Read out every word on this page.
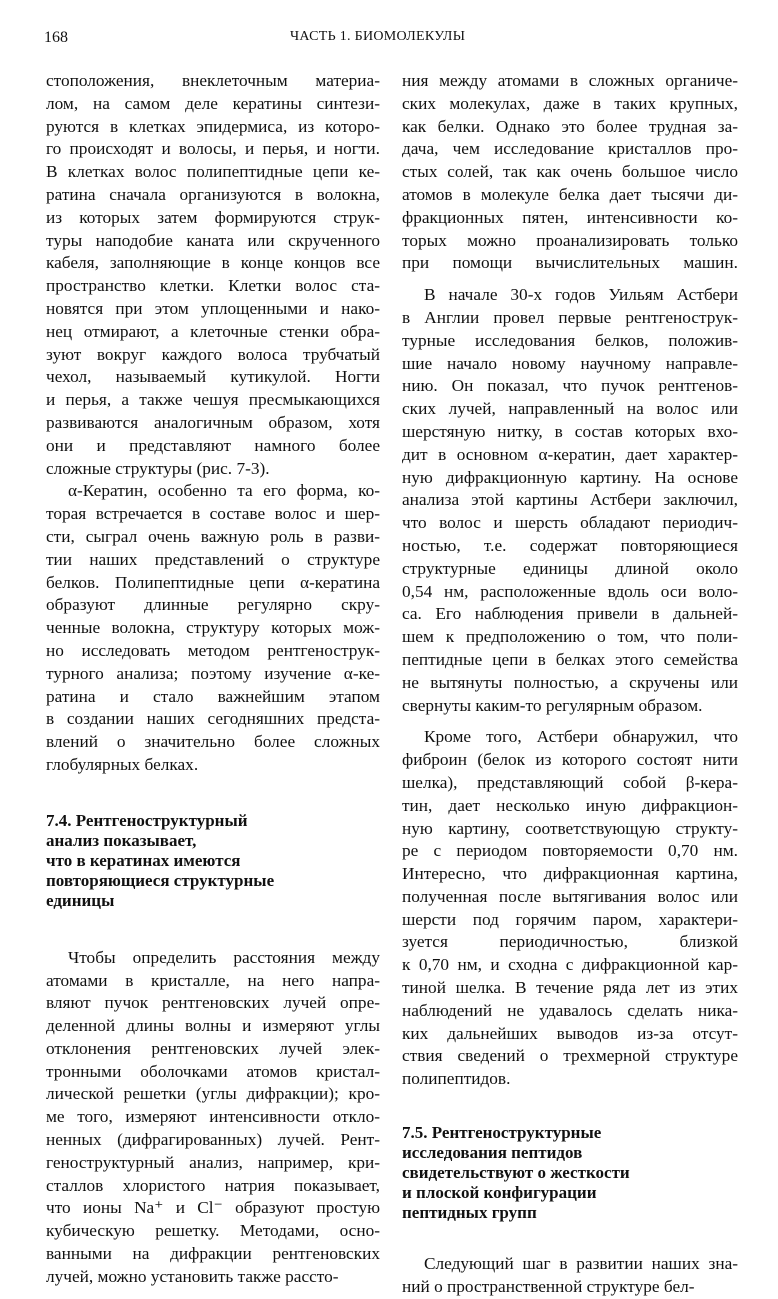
168	ЧАСТЬ 1. БИОМОЛЕКУЛЫ
стоположения, внеклеточным материа-
лом, на самом деле кератины синтези-
руются в клетках эпидермиса, из которо-
го происходят и волосы, и перья, и ногти.
В клетках волос полипептидные цепи ке-
ратина сначала организуются в волокна,
из которых затем формируются струк-
туры наподобие каната или скрученного
кабеля, заполняющие в конце концов все
пространство клетки. Клетки волос ста-
новятся при этом уплощенными и нако-
нец отмирают, а клеточные стенки обра-
зуют вокруг каждого волоса трубчатый
чехол, называемый кутикулой. Ногти
и перья, а также чешуя пресмыкающихся
развиваются аналогичным образом, хотя
они и представляют намного более
сложные структуры (рис. 7-3).
α-Кератин, особенно та его форма, ко-
торая встречается в составе волос и шер-
сти, сыграл очень важную роль в разви-
тии наших представлений о структуре
белков. Полипептидные цепи α-кератина
образуют длинные регулярно скру-
ченные волокна, структуру которых мож-
но исследовать методом рентгенострук-
турного анализа; поэтому изучение α-ке-
ратина и стало важнейшим этапом
в создании наших сегодняшних предста-
влений о значительно более сложных
глобулярных белках.
7.4. Рентгеноструктурный
анализ показывает,
что в кератинах имеются
повторяющиеся структурные
единицы
Чтобы определить расстояния между
атомами в кристалле, на него напра-
вляют пучок рентгеновских лучей опре-
деленной длины волны и измеряют углы
отклонения рентгеновских лучей элек-
тронными оболочками атомов кристал-
лической решетки (углы дифракции); кро-
ме того, измеряют интенсивности откло-
ненных (дифрагированных) лучей. Рент-
геноструктурный анализ, например, кри-
сталлов хлористого натрия показывает,
что ионы Na⁺ и Cl⁻ образуют простую
кубическую решетку. Методами, осно-
ванными на дифракции рентгеновских
лучей, можно установить также рассто-
ния между атомами в сложных органиче-
ских молекулах, даже в таких крупных,
как белки. Однако это более трудная за-
дача, чем исследование кристаллов про-
стых солей, так как очень большое число
атомов в молекуле белка дает тысячи ди-
фракционных пятен, интенсивности ко-
торых можно проанализировать только
при помощи вычислительных машин.
В начале 30-х годов Уильям Астбери
в Англии провел первые рентгенострук-
турные исследования белков, положив-
шие начало новому научному направле-
нию. Он показал, что пучок рентгенов-
ских лучей, направленный на волос или
шерстяную нитку, в состав которых вхо-
дит в основном α-кератин, дает характер-
ную дифракционную картину. На основе
анализа этой картины Астбери заключил,
что волос и шерсть обладают периодич-
ностью, т.е. содержат повторяющиеся
структурные единицы длиной около
0,54 нм, расположенные вдоль оси воло-
са. Его наблюдения привели в дальней-
шем к предположению о том, что поли-
пептидные цепи в белках этого семейства
не вытянуты полностью, а скручены или
свернуты каким-то регулярным образом.
Кроме того, Астбери обнаружил, что
фиброин (белок из которого состоят нити
шелка), представляющий собой β-кера-
тин, дает несколько иную дифракцион-
ную картину, соответствующую структу-
ре с периодом повторяемости 0,70 нм.
Интересно, что дифракционная картина,
полученная после вытягивания волос или
шерсти под горячим паром, характери-
зуется периодичностью, близкой
к 0,70 нм, и сходна с дифракционной кар-
тиной шелка. В течение ряда лет из этих
наблюдений не удавалось сделать ника-
ких дальнейших выводов из-за отсут-
ствия сведений о трехмерной структуре
полипептидов.
7.5. Рентгеноструктурные
исследования пептидов
свидетельствуют о жесткости
и плоской конфигурации
пептидных групп
Следующий шаг в развитии наших зна-
ний о пространственной структуре бел-
